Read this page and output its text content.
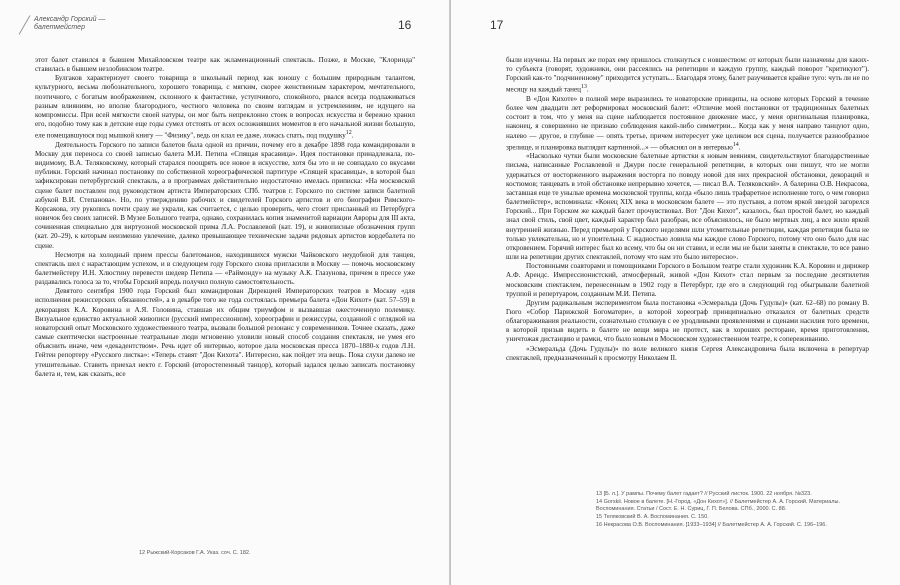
Александр Горский —
балетмейстер	16

этот балет ставился в бывшем Михайловском театре как экламенационный спектакль. Позже, в Москве, "Клоринда" ставилась в бывшем незлобинском театре.

Булгаков характеризует своего товарища в школьный период как юношу с большим природным талантом, культурного, весьма любознательного, хорошего товарища, с мягким, скорее женственным характером, мечтательного, поэтичного, с богатым воображением, склонного к фантастике, уступчивого, спокойного, рвался всегда подлаживаться разным влияниям, но вполне благородного, честного человека по своим взглядам и устремлениям, не идущего на компромиссы. При всей мягкости своей натуры, он мог быть непреклонно стоек в вопросах искусства и бережно хранил его, подобно тому как в детские еще годы сумел отстоять от всех осложнявших моментов в его начальной жизни большую, еле помещавшуюся под мышкой книгу — "Физику", ведь он клал ее даже, ложась спать, под подушку$^{12}$.

Деятельность Горского по записи балетов была одной из причин, почему его в декабре 1898 года командировали в Москву для переноса со своей записью балета М.И. Петипа «Спящая красавица». Идея постановки принадлежала, по-видимому, В.А. Теляковскому, который старался поощрять все новое в искусстве, хотя бы это и не совпадало со вкусами публики. Горский начинал постановку по собственной хореографической партитуре «Спящей красавицы», в которой был зафиксирован петербургский спектакль, а в программах действительно недостаточно имелась приписка: «На московской сцене балет поставлен под руководством артиста Императорских СПб. театров г. Горского по системе записи балетной азбукой В.И. Степанова». Но, по утверждению рабочих и свидетелей Горского артистов и его биографии Римского-Корсакова, эту рукопись почти сразу же украли, как считается, с целью проверить, чего стоит присланный из Петербурга новичок без своих записей. В Музее Большого театра, однако, сохранилась копия знаменитой вариации Авроры для III акта, сочиненная специально для виртуозной московской прима Л.А. Рославлевой (кат. 19), и живописные обозначения групп (кат. 20–29), к которым неизменно увлечение, далеко превышающее технические задачи рядовых артистов кордебалета по сцене.

Несмотря на холодный прием прессы балетоманов, находившихся мужски Чайковского неудобной для танцев, спектакль шел с нарастающим успехом, и в следующем году Горского снова пригласили в Москву — помочь московскому балетмейстеру И.Н. Хлюстину перевести шедевр Петипа — «Раймонду» на музыку А.К. Глазунова, причем в прессе уже раздавались голоса за то, чтобы Горский впредь получил полную самостоятельность.

Девятого сентября 1900 года Горский был командирован Дирекцией Императорских театров в Москву «для исполнения режиссерских обязанностей», а в декабре того же года состоялась премьера балета «Дон Кихот» (кат. 57–59) в декорациях К.А. Коровина и А.Я. Головина, ставшая их общим триумфом и вызвавшая ожесточенную полемику. Визуальное единство актуальной живописи (русский импрессионизм), хореографии и режиссуры, созданной с оглядкой на новаторский опыт Московского художественного театра, вызвали большой резонанс у современников. Точнее сказать, даже самые скептически настроенные театральные люди мгновенно уловили новый способ создания спектакля, не умея его объяснить иначе, чем «декадентством». Речь идет об интервью, которое дала московская пресса 1870–1880-х годов Л.Н. Гейтен репортеру «Русского листка»: «Теперь ставят "Дон Кихота". Интересно, как пойдет эта вещь. Пока слухи далеко не утешительные. Ставить приехал некто г. Горский (второстепенный танцор), который задался целью записать постановку балета и, тем, как сказать, все

12 Рыжский-Корсаков Г.А. Указ. соч. С. 182.
17

были изучены. На первых же порах ему пришлось столкнуться с новшеством: от которых были назначены для каких-то субъекта (говорят, художники, они рассеялись на репетиции и каждую группу, каждый поворот "критикуют"). Горский как-то "подчиненному" приходится уступать... Благодаря этому, балет разучивается крайне туго: чуть ли не по месяцу на каждый танец$^{13}$.

В «Дон Кихоте» в полной мере выразились те новаторские принципы, на основе которых Горский в течение более чем двадцати лет реформировал московский балет: «Отличие моей постановки от традиционных балетных состоит в том, что у меня на сцене наблюдается постоянное движение масс, у меня оригинальная планировка, наконец, я совершенно не признаю соблюдения какой-либо симметрии... Когда как у меня направо танцуют одно, налево — другое, в глубине — опять третье, причем интересует уже целиком вся сцена, получается разнообразное зрелище, и планировка выглядит картинной...» — объяснял он в интервью$^{14}$.

«Насколько чутки были московские балетные артистки к новым веяниям, свидетельствуют благодарственные письма, написанные Рославлевой и Джури после генеральной репетиции, в которых они пишут, что не могли удержаться от восторженного выражения восторга по поводу новой для них прекрасной обстановки, декораций и костюмов; танцевать в этой обстановке непрерывно хочется, — писал В.А. Теляковский». А балерина О.В. Некрасова, заставшая еще те унылые времена московской труппы, когда «было лишь трафаретное исполнение того, о чем говорил балетмейстер», вспоминала: «Конец XIX века в московском балете — это пустыня, а потом яркой звездой загорелся Горский... При Горском же каждый балет прочувствовал. Вот "Дон Кихот", казалось, был простой балет, но каждый знал свой стиль, свой цвет, каждый характер был разобран, все объяснялось, не было мертвых лиц, а все жило яркой внутренней жизнью. Перед премьерой у Горского неделями шли утомительные репетиции, каждая репетиция была не только увлекательна, но и упоительна. С жадностью ловила мы каждое слово Горского, потому что оно было для нас откровением. Горячий интерес был ко всему, что бы он ни ставил, и если мы не были заняты в спектакле, то все равно шли на репетиции других спектаклей, потому что нам это было интересно».

Постоянными соавторами и помощниками Горского в Большом театре стали художник К.А. Коровин и дирижер А.Ф. Арендс. Импрессионистский, атмосферный, живой «Дон Кихот» стал первым за последние десятилетия московским спектаклем, перенесенным в 1902 году в Петербург, где его в следующий год обыгрывали балетной труппой и репертуаром, созданным М.И. Петипа.

Другим радикальным экспериментом была постановка «Эсмеральда (Дочь Гудулы)» (кат. 62–68) по роману В. Гюго «Собор Парижской Богоматери», в которой хореограф принципиально отказался от балетных средств облагораживания реальности, сознательно столкнув с ее уродливыми проявлениями и сценами насилия того времени, в которой призыв видеть в балете не вещи мира не протест, как в хороших ресторане, время приготовления, уничтожая дистанцию и рамки, что было новым в Московском художественном театре, к сопереживанию.

«Эсмеральда (Дочь Гудулы)» по воле великого князя Сергея Александровича была включена в репертуар спектаклей, предназначенный к просмотру Николаем II.

13 [Б. л.]. У рампы. Почему балет гадает? // Русский листок. 1900. 22 ноября. №323.
14 Gorskii. Новое в балете. [Н.-Город. «Дон Кихот»]. // Балетмейстер А. А. Горский. Материалы. Воспоминания. Статьи / Сост. Е. Н. Суриц, Г. П. Белова. СПб., 2000. С. 88.
15 Теляковский В. А. Воспоминания. С. 150.
16 Некрасова О.В. Воспоминания. [1933–1934] // Балетмейстер А. А. Горский. С. 196–196.
